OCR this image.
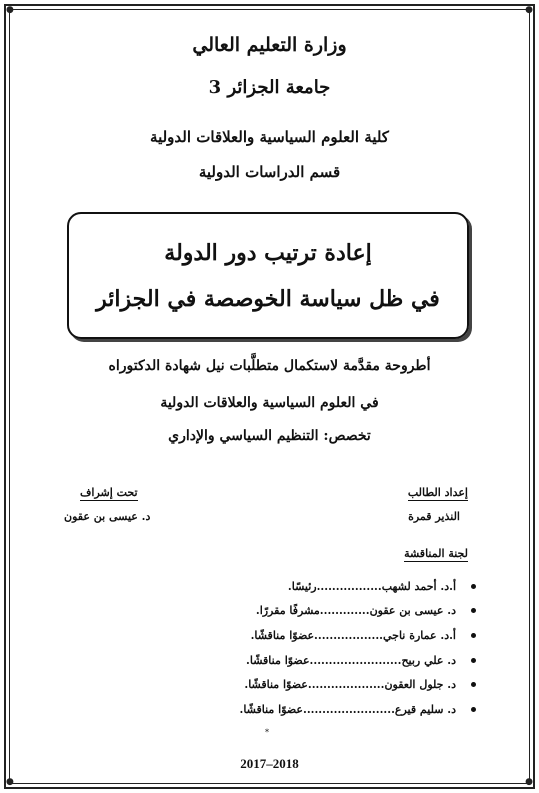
●	●
●	●
وزارة التعليم العالي
جامعة الجزائر 3
كلية العلوم السياسية والعلاقات الدولية
قسم الدراسات الدولية
إعادة ترتيب دور الدولة
في ظل سياسة الخوصصة في الجزائر
أطروحة مقدَّمة لاستكمال متطلَّبات نيل شهادة الدكتوراه
في العلوم السياسية والعلاقات الدولية
تخصص: التنظيم السياسي والإداري
إعداد الطالب
النذير قمرة
تحت إشراف
د. عيسى بن عقون
لجنة المناقشة
أ.د. أحمد لشهب.................رئيسًا.
د. عيسى بن عقون.............مشرفًا مقررًا.
أ.د. عمارة ناجي..................عضوًا مناقشًا.
د. علي ربيح........................عضوًا مناقشًا.
د. جلول العقون....................عضوًا مناقشًا.
د. سليم قيرع........................عضوًا مناقشًا.
*
2018–2017
